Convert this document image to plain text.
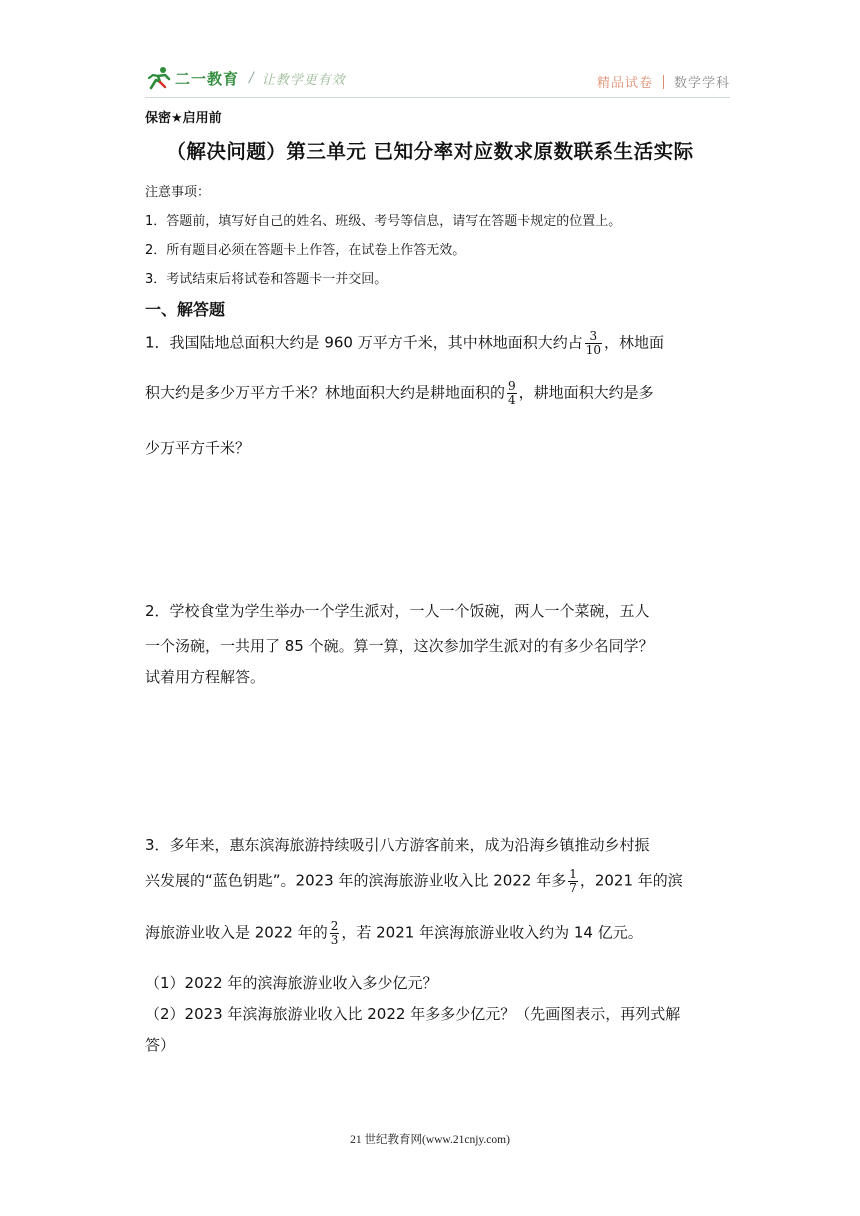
二一教育 / 让教学更有效	精品试卷 数学学科
保密★启用前
（解决问题）第三单元 已知分率对应数求原数联系生活实际
注意事项：
1．答题前，填写好自己的姓名、班级、考号等信息，请写在答题卡规定的位置上。
2．所有题目必须在答题卡上作答，在试卷上作答无效。
3．考试结束后将试卷和答题卡一并交回。
一、解答题
1．我国陆地总面积大约是 960 万平方千米，其中林地面积大约占 $\frac{3}{10}$ ，林地面
积大约是多少万平方千米？林地面积大约是耕地面积的 $\frac{9}{4}$ ，耕地面积大约是多
少万平方千米？
2．学校食堂为学生举办一个学生派对，一人一个饭碗，两人一个菜碗，五人
一个汤碗，一共用了 85 个碗。算一算，这次参加学生派对的有多少名同学？
试着用方程解答。
3．多年来，惠东滨海旅游持续吸引八方游客前来，成为沿海乡镇推动乡村振
兴发展的“蓝色钥匙”。2023 年的滨海旅游业收入比 2022 年多 $\frac{1}{7}$ ，2021 年的滨
海旅游业收入是 2022 年的 $\frac{2}{3}$ ，若 2021 年滨海旅游业收入约为 14 亿元。
（1）2022 年的滨海旅游业收入多少亿元？
（2）2023 年滨海旅游业收入比 2022 年多多少亿元？（先画图表示，再列式解
答）
21 世纪教育网(www.21cnjy.com)
